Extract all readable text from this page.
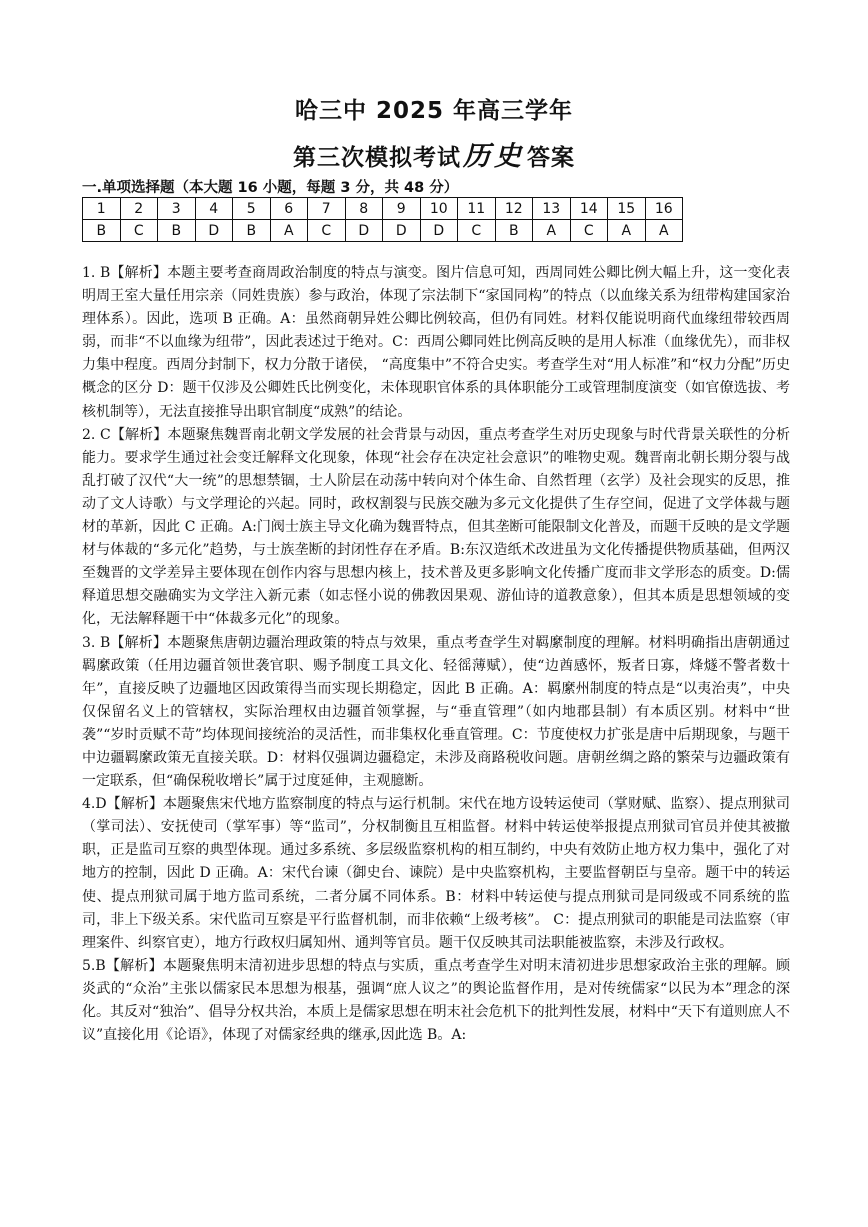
哈三中 2025 年高三学年
第三次模拟考试历史答案
一.单项选择题（本大题 16 小题，每题 3 分，共 48 分）
1	2	3	4	5	6	7	8	9	10	11	12	13	14	15	16
B	C	B	D	B	A	C	D	D	D	C	B	A	C	A	A

1. B【解析】本题主要考查商周政治制度的特点与演变。图片信息可知，西周同姓公卿比例大幅上升，这一变化表明周王室大量任用宗亲（同姓贵族）参与政治，体现了宗法制下“家国同构”的特点（以血缘关系为纽带构建国家治理体系）。因此，选项 B 正确。A：虽然商朝异姓公卿比例较高，但仍有同姓。材料仅能说明商代血缘纽带较西周弱，而非“不以血缘为纽带”，因此表述过于绝对。C：西周公卿同姓比例高反映的是用人标准（血缘优先），而非权力集中程度。西周分封制下，权力分散于诸侯， “高度集中”不符合史实。考查学生对“用人标准”和“权力分配”历史概念的区分 D：题干仅涉及公卿姓氏比例变化，未体现职官体系的具体职能分工或管理制度演变（如官僚选拔、考核机制等），无法直接推导出职官制度“成熟”的结论。

2. C【解析】本题聚焦魏晋南北朝文学发展的社会背景与动因，重点考查学生对历史现象与时代背景关联性的分析能力。要求学生通过社会变迁解释文化现象，体现“社会存在决定社会意识”的唯物史观。魏晋南北朝长期分裂与战乱打破了汉代“大一统”的思想禁锢，士人阶层在动荡中转向对个体生命、自然哲理（玄学）及社会现实的反思，推动了文人诗歌）与文学理论的兴起。同时，政权割裂与民族交融为多元文化提供了生存空间，促进了文学体裁与题材的革新，因此 C 正确。A:门阀士族主导文化确为魏晋特点，但其垄断可能限制文化普及，而题干反映的是文学题材与体裁的“多元化”趋势，与士族垄断的封闭性存在矛盾。B:东汉造纸术改进虽为文化传播提供物质基础，但两汉至魏晋的文学差异主要体现在创作内容与思想内核上，技术普及更多影响文化传播广度而非文学形态的质变。D:儒释道思想交融确实为文学注入新元素（如志怪小说的佛教因果观、游仙诗的道教意象），但其本质是思想领域的变化，无法解释题干中“体裁多元化”的现象。

3. B【解析】本题聚焦唐朝边疆治理政策的特点与效果，重点考查学生对羁縻制度的理解。材料明确指出唐朝通过羁縻政策（任用边疆首领世袭官职、赐予制度工具文化、轻徭薄赋），使“边酋感怀，叛者日寡，烽燧不警者数十年”，直接反映了边疆地区因政策得当而实现长期稳定，因此 B 正确。A：羁縻州制度的特点是“以夷治夷”，中央仅保留名义上的管辖权，实际治理权由边疆首领掌握，与“垂直管理”（如内地郡县制）有本质区别。材料中“世袭”“岁时贡赋不苛”均体现间接统治的灵活性，而非集权化垂直管理。C：节度使权力扩张是唐中后期现象，与题干中边疆羁縻政策无直接关联。D：材料仅强调边疆稳定，未涉及商路税收问题。唐朝丝绸之路的繁荣与边疆政策有一定联系，但“确保税收增长”属于过度延伸，主观臆断。

4.D【解析】本题聚焦宋代地方监察制度的特点与运行机制。宋代在地方设转运使司（掌财赋、监察）、提点刑狱司（掌司法）、安抚使司（掌军事）等“监司”，分权制衡且互相监督。材料中转运使举报提点刑狱司官员并使其被撤职，正是监司互察的典型体现。通过多系统、多层级监察机构的相互制约，中央有效防止地方权力集中，强化了对地方的控制，因此 D 正确。A：宋代台谏（御史台、谏院）是中央监察机构，主要监督朝臣与皇帝。题干中的转运使、提点刑狱司属于地方监司系统，二者分属不同体系。B：材料中转运使与提点刑狱司是同级或不同系统的监司，非上下级关系。宋代监司互察是平行监督机制，而非依赖“上级考核”。 C：提点刑狱司的职能是司法监察（审理案件、纠察官吏），地方行政权归属知州、通判等官员。题干仅反映其司法职能被监察，未涉及行政权。

5.B【解析】本题聚焦明末清初进步思想的特点与实质，重点考查学生对明末清初进步思想家政治主张的理解。顾炎武的“众治”主张以儒家民本思想为根基，强调“庶人议之”的舆论监督作用，是对传统儒家“以民为本”理念的深化。其反对“独治”、倡导分权共治，本质上是儒家思想在明末社会危机下的批判性发展，材料中“天下有道则庶人不议”直接化用《论语》，体现了对儒家经典的继承,因此选 B。A:
